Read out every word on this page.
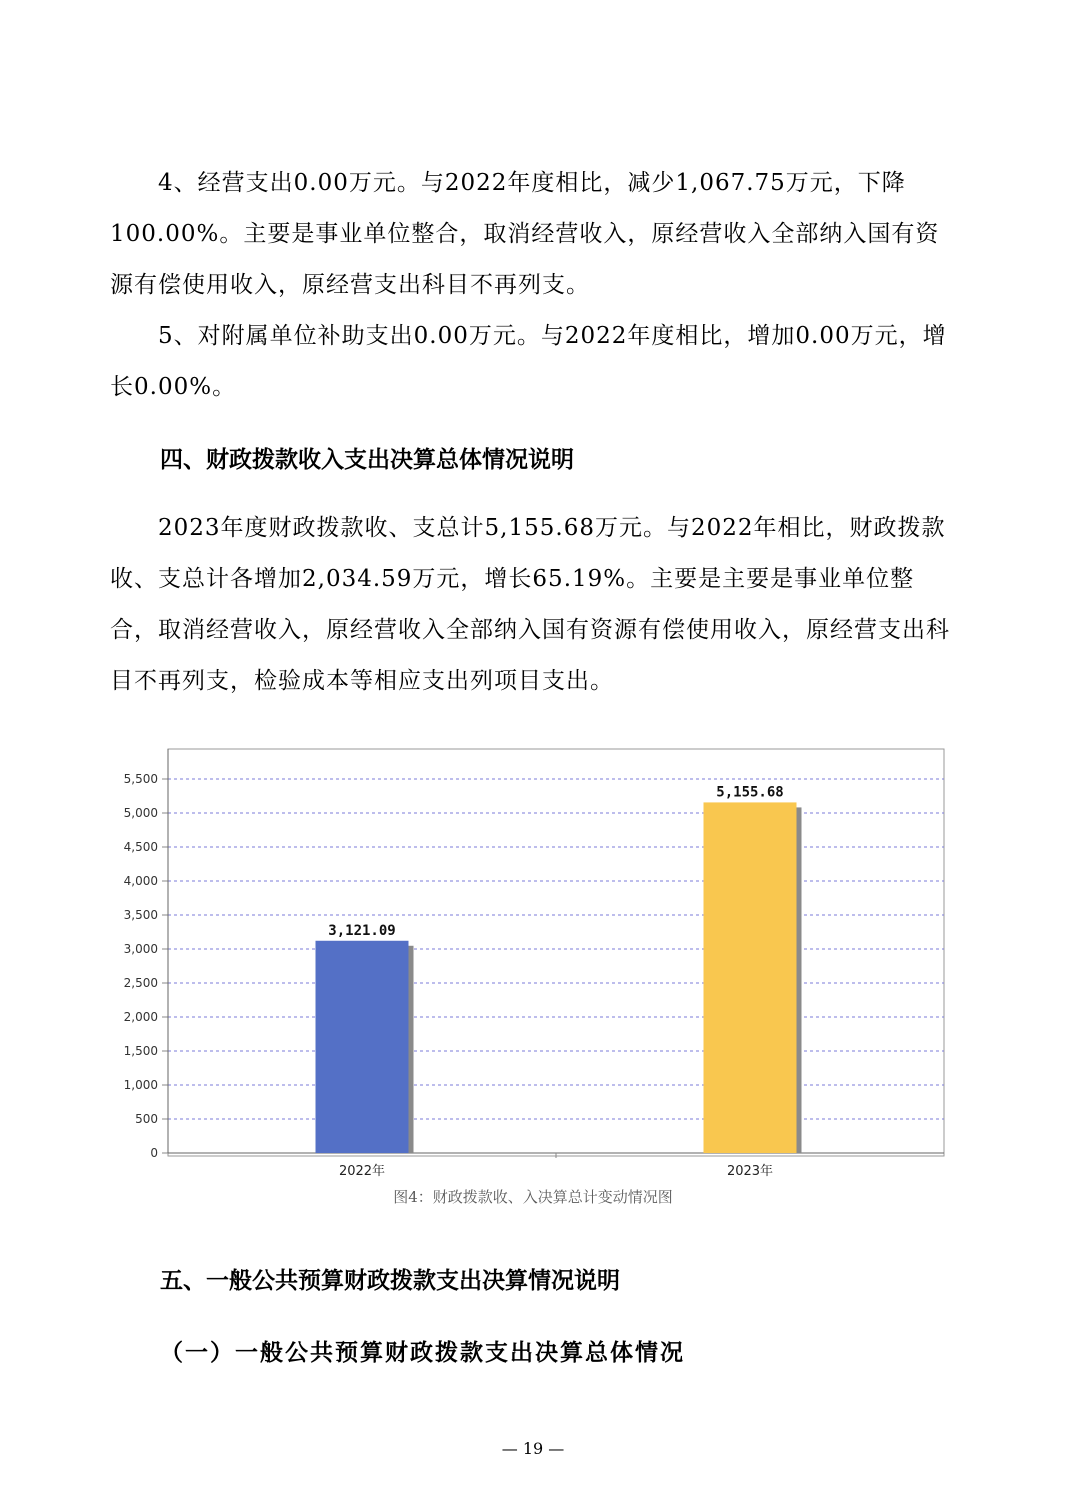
4、经营支出0.00万元。与2022年度相比，减少1,067.75万元，下降100.00%。主要是事业单位整合，取消经营收入，原经营收入全部纳入国有资源有偿使用收入，原经营支出科目不再列支。

5、对附属单位补助支出0.00万元。与2022年度相比，增加0.00万元，增长0.00%。

四、财政拨款收入支出决算总体情况说明

2023年度财政拨款收、支总计5,155.68万元。与2022年相比，财政拨款收、支总计各增加2,034.59万元，增长65.19%。主要是主要是事业单位整合，取消经营收入，原经营收入全部纳入国有资源有偿使用收入，原经营支出科目不再列支，检验成本等相应支出列项目支出。

0
500
1,000
1,500
2,000
2,500
3,000
3,500
4,000
4,500
5,000
5,500
3,121.09
2022年
5,155.68
2023年
图4：财政拨款收、入决算总计变动情况图
五、一般公共预算财政拨款支出决算情况说明
（一）一般公共预算财政拨款支出决算总体情况
— 19 —
